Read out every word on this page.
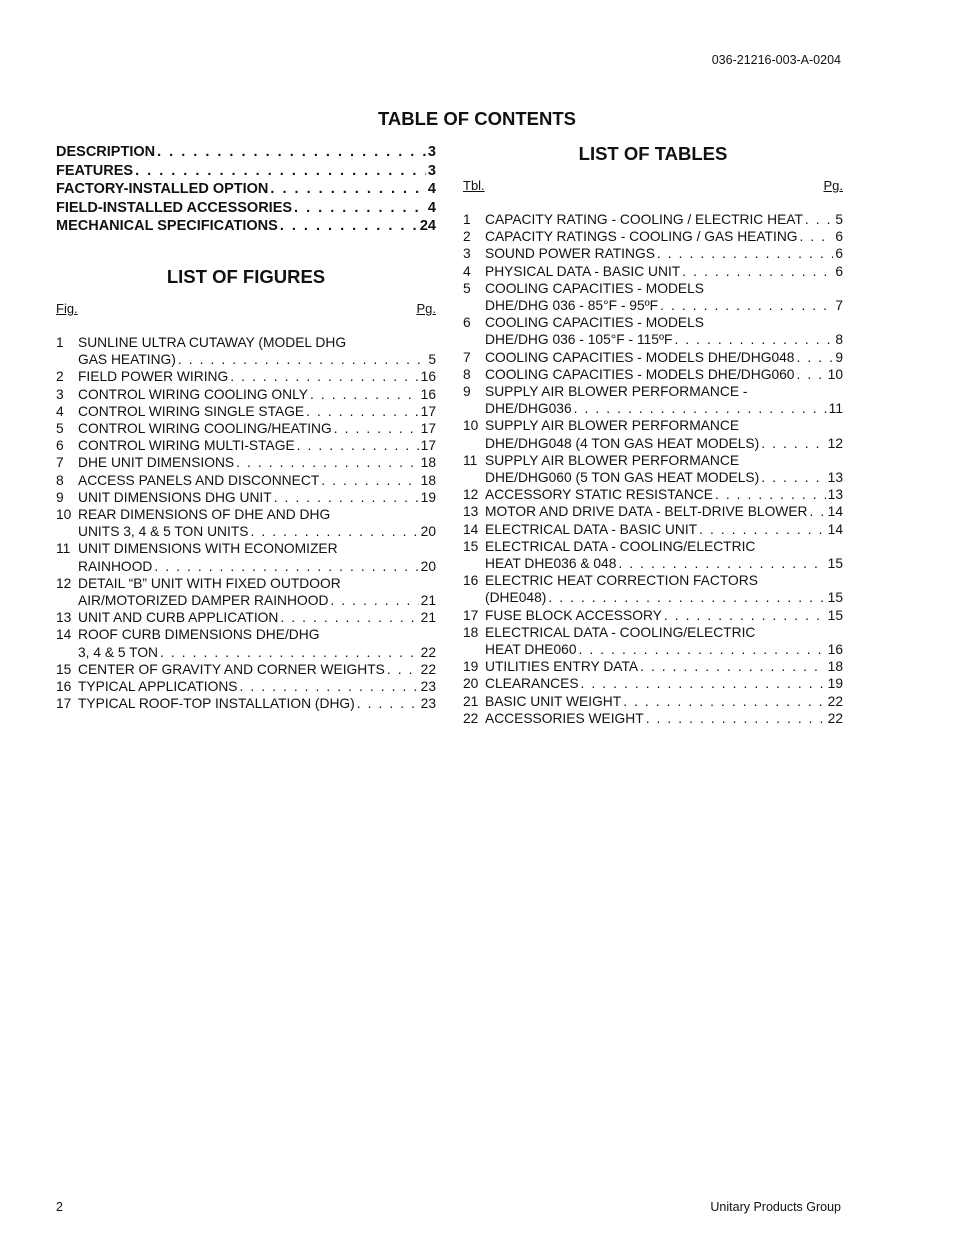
036-21216-003-A-0204
TABLE OF CONTENTS
DESCRIPTION . . .	3
FEATURES . . .	3
FACTORY-INSTALLED OPTION . . .	4
FIELD-INSTALLED ACCESSORIES . . .	4
MECHANICAL SPECIFICATIONS . . .	24
LIST OF FIGURES
Fig.	Pg.
1	SUNLINE ULTRA CUTAWAY (MODEL DHG
GAS HEATING) . . .	5
2	FIELD POWER WIRING . . .	16
3	CONTROL WIRING COOLING ONLY . . .	16
4	CONTROL WIRING SINGLE STAGE . . .	17
5	CONTROL WIRING COOLING/HEATING . . .	17
6	CONTROL WIRING MULTI-STAGE . . .	17
7	DHE UNIT DIMENSIONS . . .	18
8	ACCESS PANELS AND DISCONNECT . . .	18
9	UNIT DIMENSIONS DHG UNIT . . .	19
10 REAR DIMENSIONS OF DHE AND DHG
UNITS 3, 4 & 5 TON UNITS . . .	20
11 UNIT DIMENSIONS WITH ECONOMIZER
RAINHOOD . . .	20
12 DETAIL “B” UNIT WITH FIXED OUTDOOR
AIR/MOTORIZED DAMPER RAINHOOD . . .	21
13 UNIT AND CURB APPLICATION . . .	21
14 ROOF CURB DIMENSIONS DHE/DHG
3, 4 & 5 TON . . .	22
15 CENTER OF GRAVITY AND CORNER WEIGHTS . . .	22
16 TYPICAL APPLICATIONS . . .	23
17 TYPICAL ROOF-TOP INSTALLATION (DHG) . . .	23
LIST OF TABLES
Tbl.	Pg.
1	CAPACITY RATING - COOLING / ELECTRIC HEAT . . . 5
2	CAPACITY RATINGS - COOLING / GAS HEATING . . .	6
3	SOUND POWER RATINGS . . .	6
4	PHYSICAL DATA - BASIC UNIT . . .	6
5	COOLING CAPACITIES - MODELS
DHE/DHG 036 - 85°F - 95ºF . . .	7
6	COOLING CAPACITIES - MODELS
DHE/DHG 036 - 105°F - 115ºF . . .	8
7	COOLING CAPACITIES - MODELS DHE/DHG048 . . .	9
8	COOLING CAPACITIES - MODELS DHE/DHG060 . . . 10
9	SUPPLY AIR BLOWER PERFORMANCE -
DHE/DHG036 . . .	11
10 SUPPLY AIR BLOWER PERFORMANCE
DHE/DHG048 (4 TON GAS HEAT MODELS) . . .	12
11 SUPPLY AIR BLOWER PERFORMANCE
DHE/DHG060 (5 TON GAS HEAT MODELS) . . .	13
12 ACCESSORY STATIC RESISTANCE . . .	13
13 MOTOR AND DRIVE DATA - BELT-DRIVE BLOWER . . . 14
14 ELECTRICAL DATA - BASIC UNIT . . .	14
15 ELECTRICAL DATA - COOLING/ELECTRIC
HEAT DHE036 & 048 . . .	15
16 ELECTRIC HEAT CORRECTION FACTORS
(DHE048) . . .	15
17 FUSE BLOCK ACCESSORY . . .	15
18 ELECTRICAL DATA - COOLING/ELECTRIC
HEAT DHE060 . . .	16
19 UTILITIES ENTRY DATA . . .	18
20 CLEARANCES . . .	19
21 BASIC UNIT WEIGHT . . .	22
22 ACCESSORIES WEIGHT . . .	22
2	Unitary Products Group
